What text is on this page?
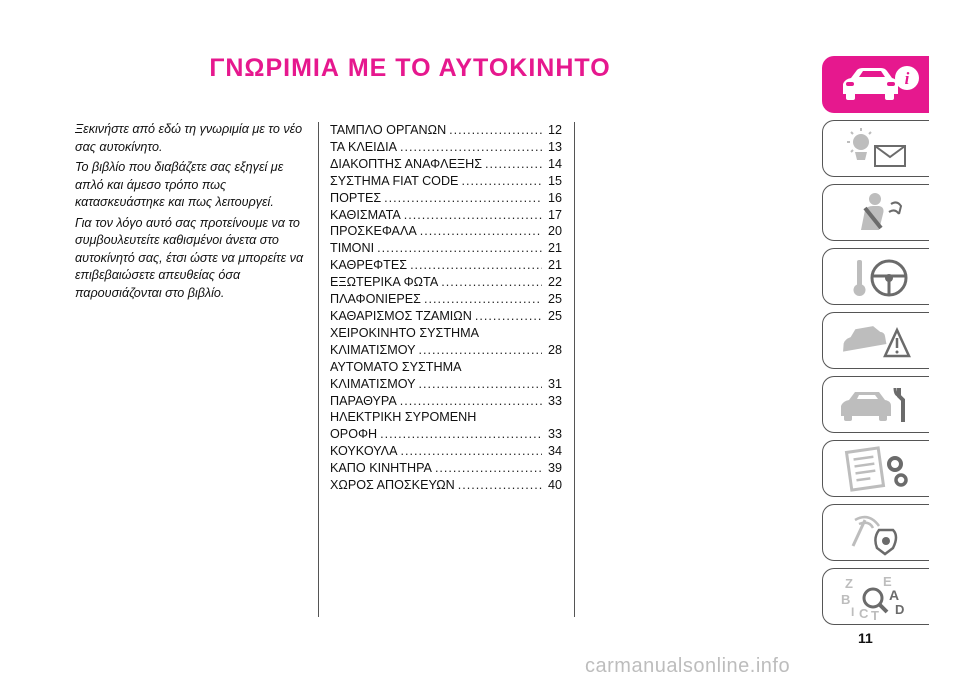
ΓΝΩΡΙΜΙΑ ΜΕ ΤΟ ΑΥΤΟΚΙΝΗΤΟ

Ξεκινήστε από εδώ τη γνωριμία με το νέο σας αυτοκίνητο.

Το βιβλίο που διαβάζετε σας εξηγεί με απλό και άμεσο τρόπο πως κατασκευάστηκε και πως λειτουργεί.

Για τον λόγο αυτό σας προτείνουμε να το συμβουλευτείτε καθισμένοι άνετα στο αυτοκίνητό σας, έτσι ώστε να μπορείτε να επιβεβαιώσετε απευθείας όσα παρουσιάζονται στο βιβλίο.

ΤΑΜΠΛΟ ΟΡΓΑΝΩΝ .....	12
ΤΑ ΚΛΕΙΔΙΑ .....	13
ΔΙΑΚΟΠΤΗΣ ΑΝΑΦΛΕΞΗΣ .....	14
ΣΥΣΤΗΜΑ FIAT CODE .....	15
ΠΟΡΤΕΣ .....	16
ΚΑΘΙΣΜΑΤΑ .....	17
ΠΡΟΣΚΕΦΑΛΑ .....	20
ΤΙΜΟΝΙ .....	21
ΚΑΘΡΕΦΤΕΣ .....	21
ΕΞΩΤΕΡΙΚΑ ΦΩΤΑ .....	22
ΠΛΑΦΟΝΙΕΡΕΣ .....	25
ΚΑΘΑΡΙΣΜΟΣ ΤΖΑΜΙΩΝ .....	25
ΧΕΙΡΟΚΙΝΗΤΟ ΣΥΣΤΗΜΑ
ΚΛΙΜΑΤΙΣΜΟΥ .....	28
ΑΥΤΟΜΑΤΟ ΣΥΣΤΗΜΑ
ΚΛΙΜΑΤΙΣΜΟΥ .....	31
ΠΑΡΑΘΥΡΑ .....	33
ΗΛΕΚΤΡΙΚΗ ΣΥΡΟΜΕΝΗ
ΟΡΟΦΗ .....	33
ΚΟΥΚΟΥΛΑ .....	34
ΚΑΠΟ ΚΙΝΗΤΗΡΑ .....	39
ΧΩΡΟΣ ΑΠΟΣΚΕΥΩΝ .....	40
i
Z E
A
B
D
C T
I
11
carmanualsonline.info
